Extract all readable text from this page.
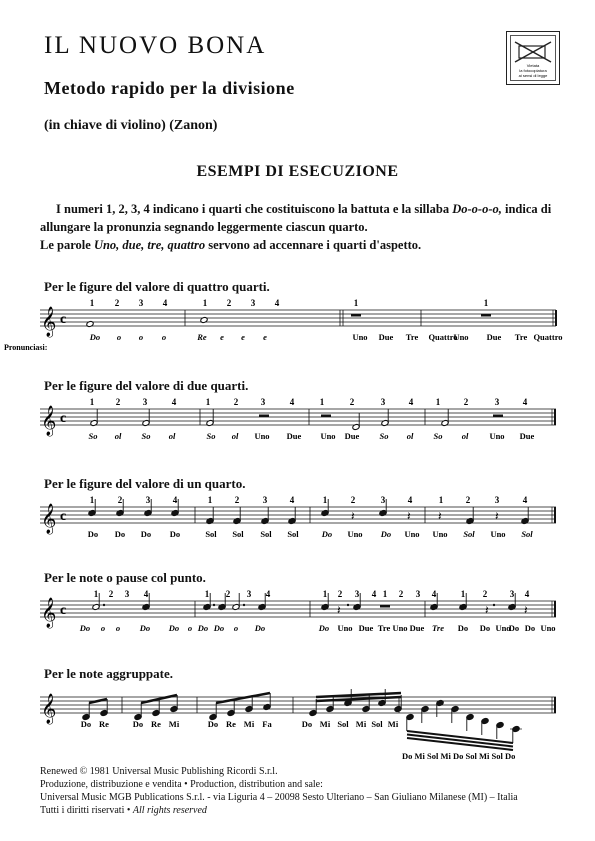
IL NUOVO BONA
Metodo rapido per la divisione
(in chiave di violino) (Zanon)
Vietata
la fotocopiatura
ai sensi di legge
ESEMPI DI ESECUZIONE

I numeri 1, 2, 3, 4 indicano i quarti che costituiscono la battuta e la sillaba Do-o-o-o, indica di allungare la pronunzia segnando leggermente ciascun quarto.

Le parole Uno, due, tre, quattro servono ad accennare i quarti d'aspetto.

Per le figure del valore di quattro quarti.
𝄞 c
1 2 3 4	1 2 3 4	1	1
Do o o o	Re e e e	Uno Due Tre Quattro
Uno Due Tre Quattro
Pronunciasi:
Per le figure del valore di due quarti.
𝄞 c
1 2	3	4	1	2	3	4	1	2	3	4	1	2	3	4
So ol So ol	So ol Uno Due Uno Due So ol So ol Uno Due
Per le figure del valore di un quarto.
𝄞 c
1	2	3	4	1	2	3	4	1	2	3	4	1	2	3	4
𝄽	𝄽 𝄽	𝄽
Do Do Do Do	Sol Sol Sol Sol	Do Uno Do Uno Uno Sol Uno Sol
Per le note o pause col punto.
𝄞 c
1 2 3 4	1 2 3 4	1 2 3 4 1 2 3 4	1 2	3 4
𝄽	𝄽	𝄽
Do o o Do Do o Do Do o Do	Do Uno Due Tre Uno Due Tre Do Do Uno
Do Do Uno
Per le note aggruppate.
𝄞
Do Re	Do Re Mi	Do Re Mi Fa	Do Mi Sol Mi Sol Mi
Do Mi Sol Mi Do Sol Mi Sol Do
Renewed © 1981 Universal Music Publishing Ricordi S.r.l.
Produzione, distribuzione e vendita • Production, distribution and sale:
Universal Music MGB Publications S.r.l. - via Liguria 4 – 20098 Sesto Ulteriano – San Giuliano Milanese (MI) – Italia
Tutti i diritti riservati • All rights reserved
